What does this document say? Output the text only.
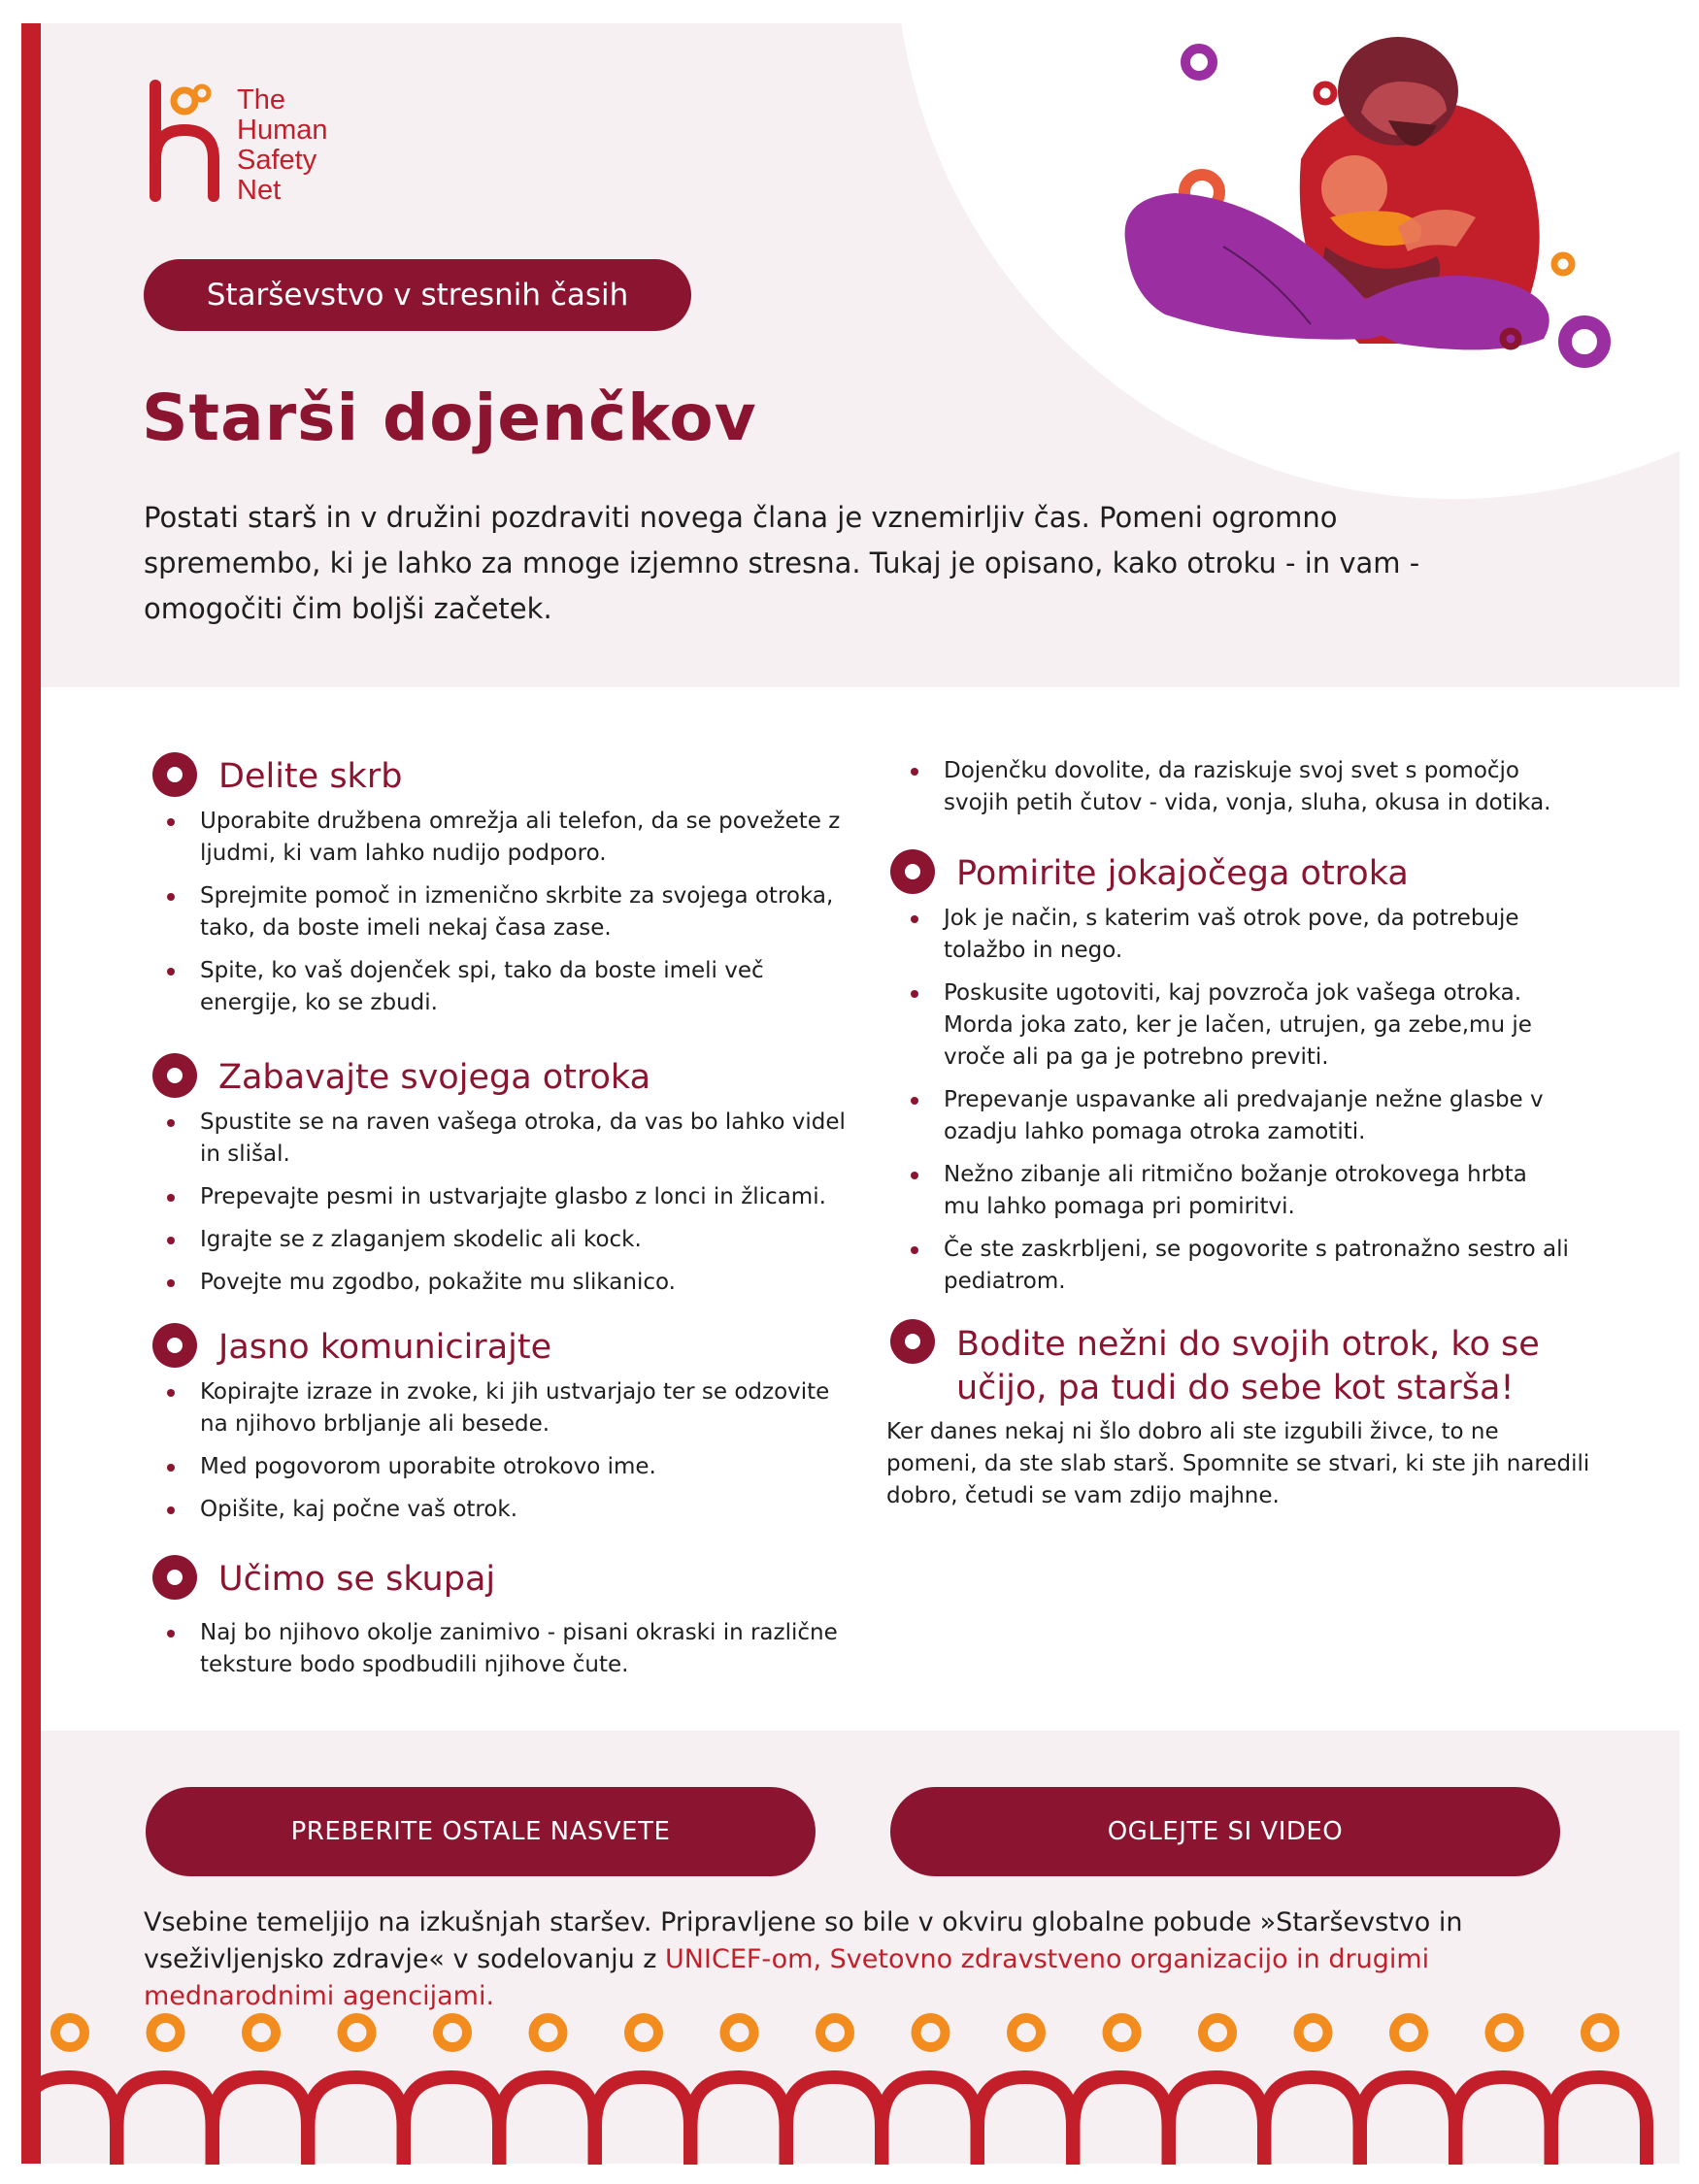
The
Human
Safety
Net
Starševstvo v stresnih časih
Starši dojenčkov

Postati starš in v družini pozdraviti novega člana je vznemirljiv čas. Pomeni ogromno spremembo, ki je lahko za mnoge izjemno stresna. Tukaj je opisano, kako otroku - in vam - omogočiti čim boljši začetek.

Delite skrb
Uporabite družbena omrežja ali telefon, da se povežete z ljudmi, ki vam lahko nudijo podporo.
Sprejmite pomoč in izmenično skrbite za svojega otroka, tako, da boste imeli nekaj časa zase.
Spite, ko vaš dojenček spi, tako da boste imeli več energije, ko se zbudi.
Zabavajte svojega otroka
Spustite se na raven vašega otroka, da vas bo lahko videl in slišal.
Prepevajte pesmi in ustvarjajte glasbo z lonci in žlicami.
Igrajte se z zlaganjem skodelic ali kock.
Povejte mu zgodbo, pokažite mu slikanico.
Jasno komunicirajte
Kopirajte izraze in zvoke, ki jih ustvarjajo ter se odzovite na njihovo brbljanje ali besede.
Med pogovorom uporabite otrokovo ime.
Opišite, kaj počne vaš otrok.
Učimo se skupaj
Naj bo njihovo okolje zanimivo - pisani okraski in različne teksture bodo spodbudili njihove čute.
Dojenčku dovolite, da raziskuje svoj svet s pomočjo svojih petih čutov - vida, vonja, sluha, okusa in dotika.
Pomirite jokajočega otroka
Jok je način, s katerim vaš otrok pove, da potrebuje tolažbo in nego.
Poskusite ugotoviti, kaj povzroča jok vašega otroka. Morda joka zato, ker je lačen, utrujen, ga zebe,mu je vroče ali pa ga je potrebno previti.
Prepevanje uspavanke ali predvajanje nežne glasbe v ozadju lahko pomaga otroka zamotiti.
Nežno zibanje ali ritmično božanje otrokovega hrbta mu lahko pomaga pri pomiritvi.
Če ste zaskrbljeni, se pogovorite s patronažno sestro ali pediatrom.
Bodite nežni do svojih otrok, ko se
učijo, pa tudi do sebe kot starša!

Ker danes nekaj ni šlo dobro ali ste izgubili živce, to ne pomeni, da ste slab starš. Spomnite se stvari, ki ste jih naredili dobro, četudi se vam zdijo majhne.

PREBERITE OSTALE NASVETE	OGLEJTE SI VIDEO

Vsebine temeljijo na izkušnjah staršev. Pripravljene so bile v okviru globalne pobude »Starševstvo in vseživljenjsko zdravje« v sodelovanju z UNICEF-om, Svetovno zdravstveno organizacijo in drugimi mednarodnimi agencijami.
